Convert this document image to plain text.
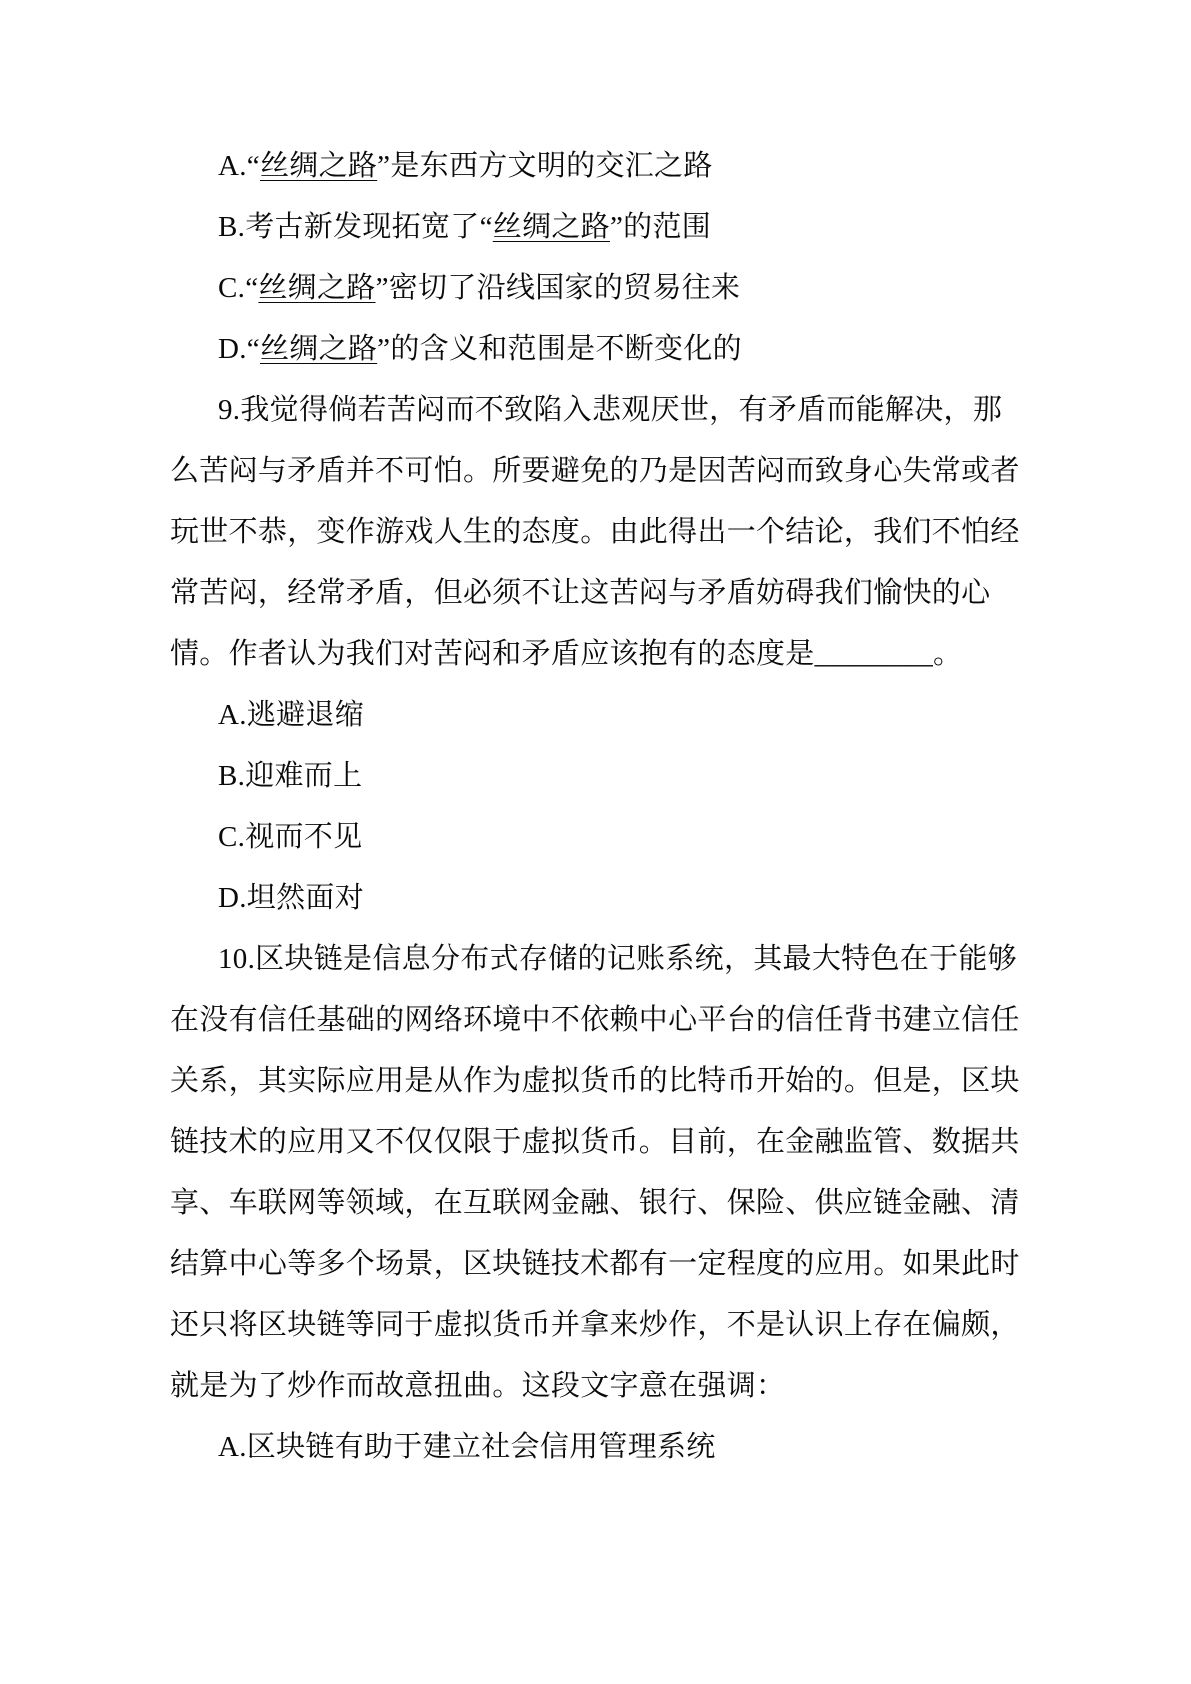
A.“丝绸之路”是东西方文明的交汇之路
B.考古新发现拓宽了“丝绸之路”的范围
C.“丝绸之路”密切了沿线国家的贸易往来
D.“丝绸之路”的含义和范围是不断变化的
9.我觉得倘若苦闷而不致陷入悲观厌世，有矛盾而能解决，那
么苦闷与矛盾并不可怕。所要避免的乃是因苦闷而致身心失常或者
玩世不恭，变作游戏人生的态度。由此得出一个结论，我们不怕经
常苦闷，经常矛盾，但必须不让这苦闷与矛盾妨碍我们愉快的心
情。作者认为我们对苦闷和矛盾应该抱有的态度是________。
A.逃避退缩
B.迎难而上
C.视而不见
D.坦然面对
10.区块链是信息分布式存储的记账系统，其最大特色在于能够
在没有信任基础的网络环境中不依赖中心平台的信任背书建立信任
关系，其实际应用是从作为虚拟货币的比特币开始的。但是，区块
链技术的应用又不仅仅限于虚拟货币。目前，在金融监管、数据共
享、车联网等领域，在互联网金融、银行、保险、供应链金融、清
结算中心等多个场景，区块链技术都有一定程度的应用。如果此时
还只将区块链等同于虚拟货币并拿来炒作，不是认识上存在偏颇，
就是为了炒作而故意扭曲。这段文字意在强调：
A.区块链有助于建立社会信用管理系统
